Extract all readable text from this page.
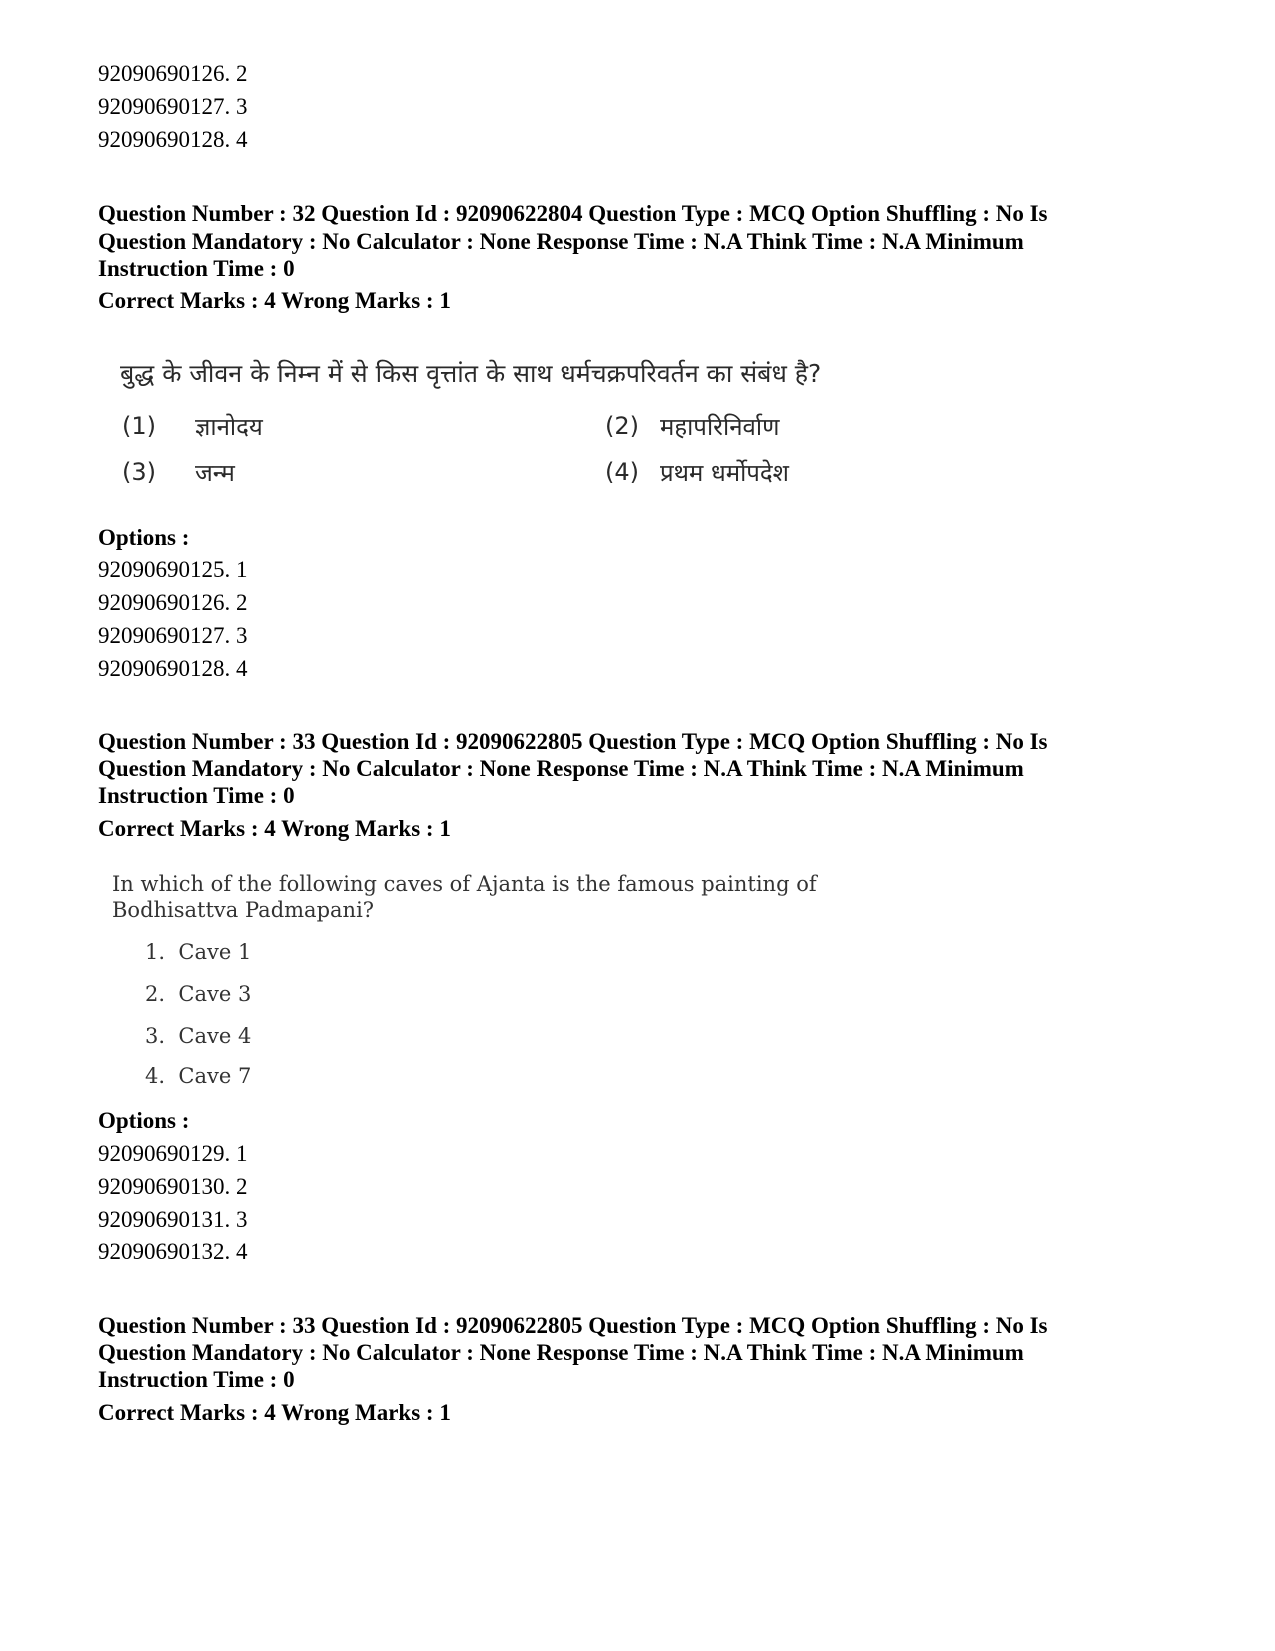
92090690126. 2
92090690127. 3
92090690128. 4
Question Number : 32 Question Id : 92090622804 Question Type : MCQ Option Shuffling : No Is
Question Mandatory : No Calculator : None Response Time : N.A Think Time : N.A Minimum
Instruction Time : 0
Correct Marks : 4 Wrong Marks : 1
बुद्ध के जीवन के निम्न में से किस वृत्तांत के साथ धर्मचक्रपरिवर्तन का संबंध है?
(1) ज्ञानोदय	(2) महापरिनिर्वाण
(3) जन्म	(4) प्रथम धर्मोपदेश
Options :
92090690125. 1
92090690126. 2
92090690127. 3
92090690128. 4
Question Number : 33 Question Id : 92090622805 Question Type : MCQ Option Shuffling : No Is
Question Mandatory : No Calculator : None Response Time : N.A Think Time : N.A Minimum
Instruction Time : 0
Correct Marks : 4 Wrong Marks : 1
In which of the following caves of Ajanta is the famous painting of
Bodhisattva Padmapani?
1.  Cave 1
2.  Cave 3
3.  Cave 4
4.  Cave 7
Options :
92090690129. 1
92090690130. 2
92090690131. 3
92090690132. 4
Question Number : 33 Question Id : 92090622805 Question Type : MCQ Option Shuffling : No Is
Question Mandatory : No Calculator : None Response Time : N.A Think Time : N.A Minimum
Instruction Time : 0
Correct Marks : 4 Wrong Marks : 1
